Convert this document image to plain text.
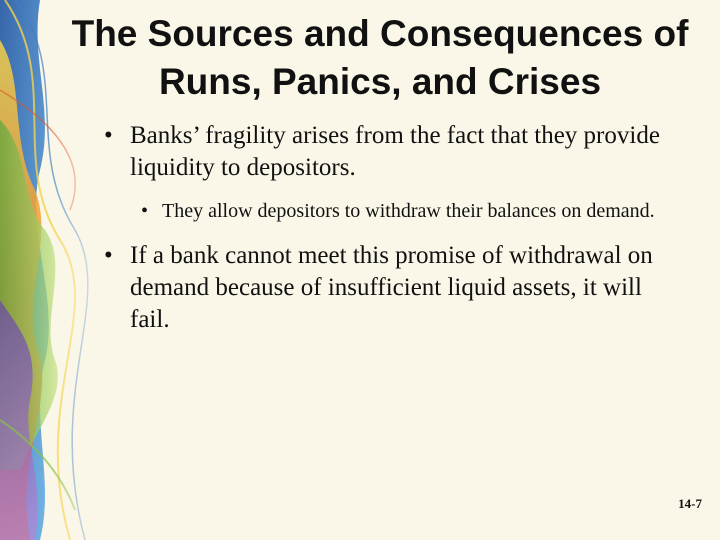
The Sources and Consequences of Runs, Panics, and Crises
• Banks’ fragility arises from the fact that they provide liquidity to depositors.
• They allow depositors to withdraw their balances on demand.
• If a bank cannot meet this promise of withdrawal on demand because of insufficient liquid assets, it will fail.
14-7
